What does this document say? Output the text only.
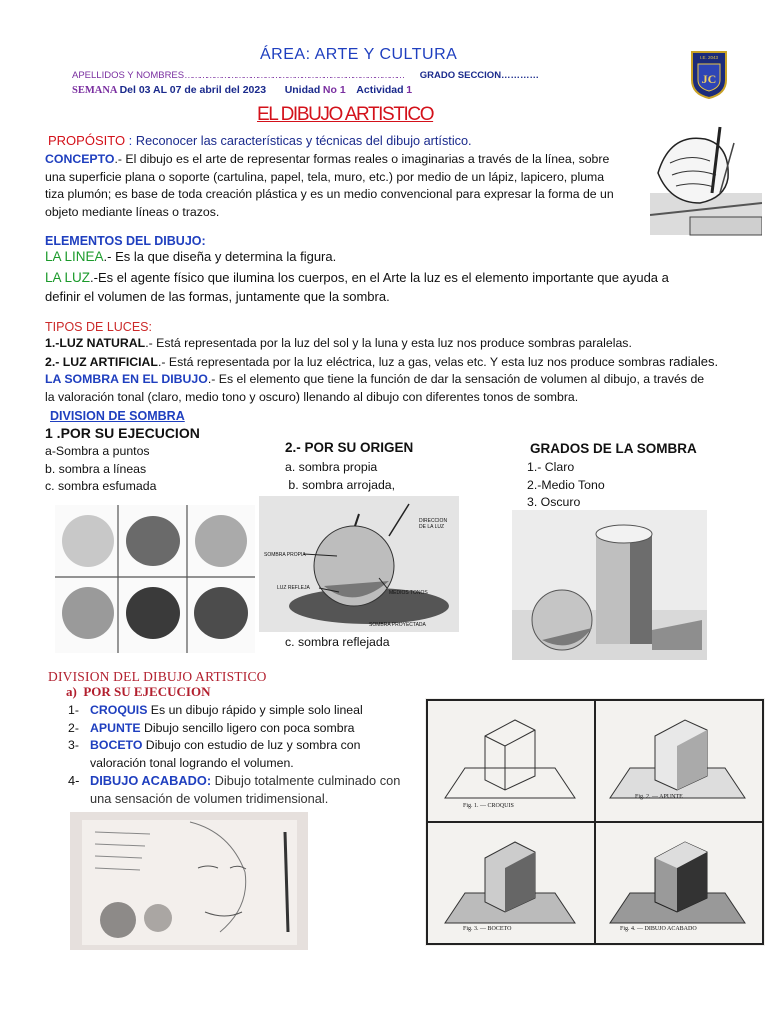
ÁREA: ARTE Y CULTURA
APELLIDOS Y NOMBRES……………………………………………………………………………… GRADO SECCION…………
SEMANA Del 03 AL 07 de abril del 2023 Unidad No 1 Actividad 1
JC
I.E. 2043
EL DIBUJO ARTISTICO
PROPÓSITO : Reconocer las características y técnicas del dibujo artístico.
CONCEPTO.- El dibujo es el arte de representar formas reales o imaginarias a través de la línea, sobre
una superficie plana o soporte (cartulina, papel, tela, muro, etc.) por medio de un lápiz, lapicero, pluma
tiza plumón; es base de toda creación plástica y es un medio convencional para expresar la forma de un
objeto mediante líneas o trazos.
ELEMENTOS DEL DIBUJO:
LA LINEA.- Es la que diseña y determina la figura.
LA LUZ.-Es el agente físico que ilumina los cuerpos, en el Arte la luz es el elemento importante que ayuda a
definir el volumen de las formas, juntamente que la sombra.
TIPOS DE LUCES:
1.-LUZ NATURAL.- Está representada por la luz del sol y la luna y esta luz nos produce sombras paralelas.
2.- LUZ ARTIFICIAL.- Está representada por la luz eléctrica, luz a gas, velas etc. Y esta luz nos produce sombras radiales.
LA SOMBRA EN EL DIBUJO.- Es el elemento que tiene la función de dar la sensación de volumen al dibujo, a través de
la valoración tonal (claro, medio tono y oscuro) llenando al dibujo con diferentes tonos de sombra.
DIVISION DE SOMBRA
1 .POR SU EJECUCION
a-Sombra a puntos
b. sombra a líneas
c. sombra esfumada
2.- POR SU ORIGEN
a. sombra propia
b. sombra arrojada,
GRADOS DE LA SOMBRA
1.- Claro
2.-Medio Tono
3. Oscuro
SOMBRA PROPIA
DIRECCION DE LA LUZ
LUZ REFLEJA
MEDIOS TONOS
SOMBRA PROYECTADA
c. sombra reflejada
DIVISION DEL DIBUJO ARTISTICO
a)  POR SU EJECUCION
1- CROQUIS Es un dibujo rápido y simple solo lineal
2- APUNTE Dibujo sencillo ligero con poca sombra
3- BOCETO Dibujo con estudio de luz y sombra con
valoración tonal logrando el volumen.
4- DIBUJO ACABADO: Dibujo totalmente culminado con
una sensación de volumen tridimensional.
Fig. 1. — CROQUIS
Fig. 2. — APUNTE
Fig. 3. — BOCETO	Fig. 4. — DIBUJO ACABADO
